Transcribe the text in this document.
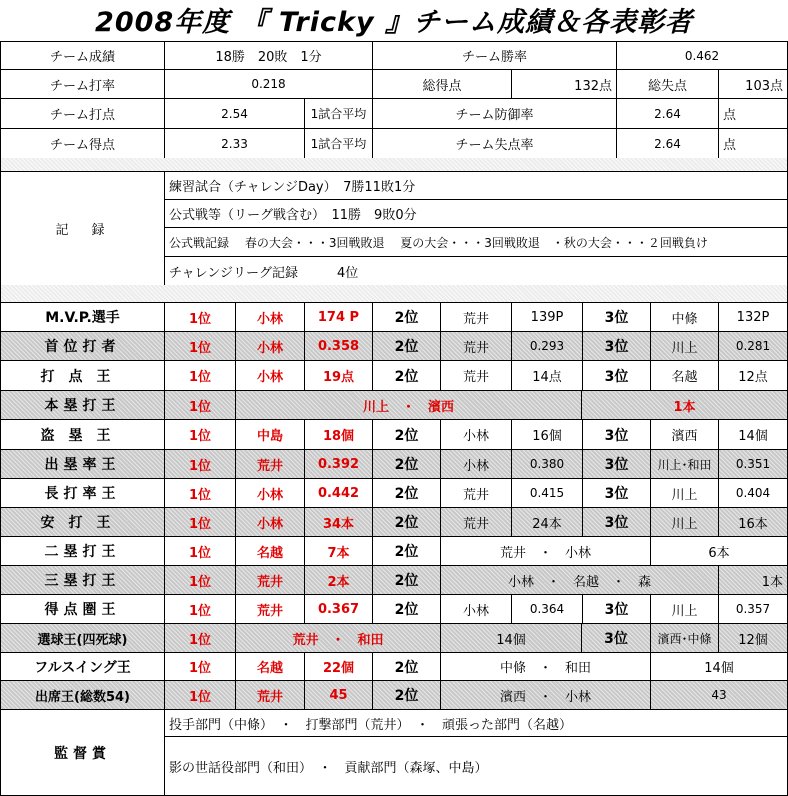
2008年度 『 Tricky 』チーム成績＆各表彰者
チーム成績	18勝　20敗　1分	チーム勝率	0.462
チーム打率	0.218	総得点	132点	総失点	103点
チーム打点	2.54	1試合平均	チーム防御率	2.64	点
チーム得点	2.33	1試合平均	チーム失点率	2.64	点
記　録
練習試合（チャレンジDay）　7勝11敗1分
公式戦等（リーグ戦含む）　11勝　9敗0分
公式戦記録　 春の大会・・・3回戦敗退　 夏の大会・・・3回戦敗退　・秋の大会・・・２回戦負け
チャレンジリーグ記録　　　4位
M.V.P.選手	1位	小林	174 P	2位	荒井	139P	3位	中條	132P
首位打者	1位	小林	0.358	2位	荒井	0.293	3位	川上	0.281
打点王	1位	小林	19点	2位	荒井	14点	3位	名越	12点
本塁打王	1位	川上　・　濱西	1本
盗塁王	1位	中島	18個	2位	小林	16個	3位	濱西	14個
出塁率王	1位	荒井	0.392	2位	小林	0.380	3位	川上･和田	0.351
長打率王	1位	小林	0.442	2位	荒井	0.415	3位	川上	0.404
安打王	1位	小林	34本	2位	荒井	24本	3位	川上	16本
二塁打王	1位	名越	7本	2位	荒井　・　小林	6本
三塁打王	1位	荒井	2本	2位	小林　・　名越　・　森	1本
得点圏王	1位	荒井	0.367	2位	小林	0.364	3位	川上	0.357
選球王(四死球)	1位	荒井　・　和田	14個	3位	濱西･中條	12個
フルスイング王	1位	名越	22個	2位	中條　・　和田	14個
出席王(総数54)	1位	荒井	45	2位	濱西　・　小林	43
監督賞
投手部門（中條）　・　打撃部門（荒井）　・　頑張った部門（名越）
影の世話役部門（和田）　・　貢献部門（森塚、中島）
